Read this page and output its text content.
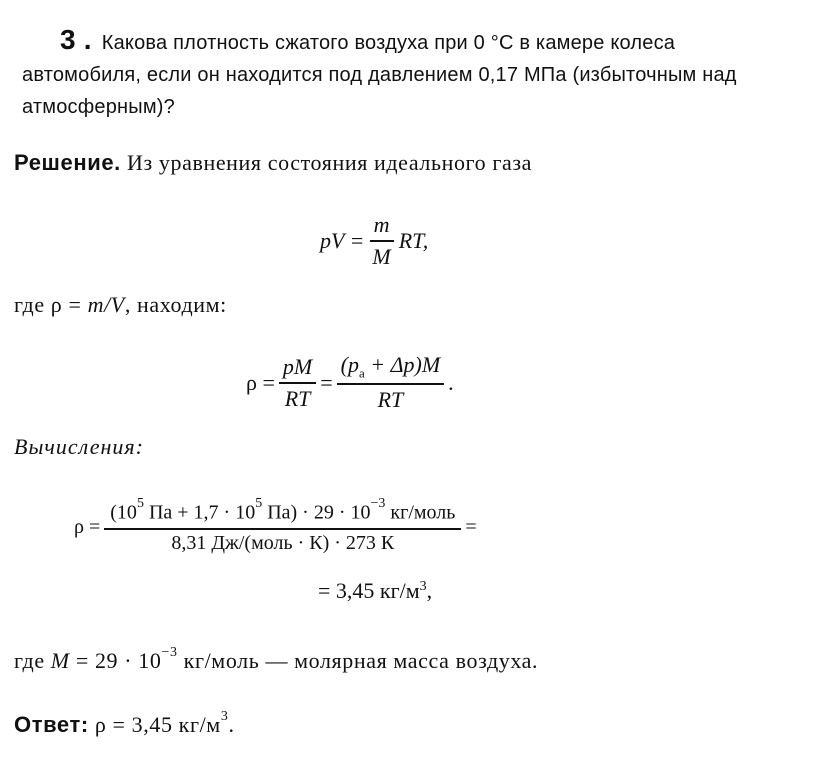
3 . Какова плотность сжатого воздуха при 0 °С в камере колеса автомобиля, если он находится под давлением 0,17 МПа (избыточным над атмосферным)?
Решение. Из уравнения состояния идеального газа
pV = $\frac{m}{M}$ RT,
где ρ = m/V, находим:
$\rho = \frac{pM}{RT} = \frac{(p_а + \Delta p)M}{RT}$ .
Вычисления:
$\rho = \frac{(10^5 Па + 1,7 \cdot 10^5 Па) \cdot 29 \cdot 10^{-3} кг/моль}{\text{8,31 Дж/(моль · К) · 273 К}}$ =
= 3,45 $кг/м^3$ ,
где $M = 29 \cdot 10^{-3}$ кг/моль — молярная масса воздуха.
Ответ: ρ = 3,45 $кг/м^3$.
